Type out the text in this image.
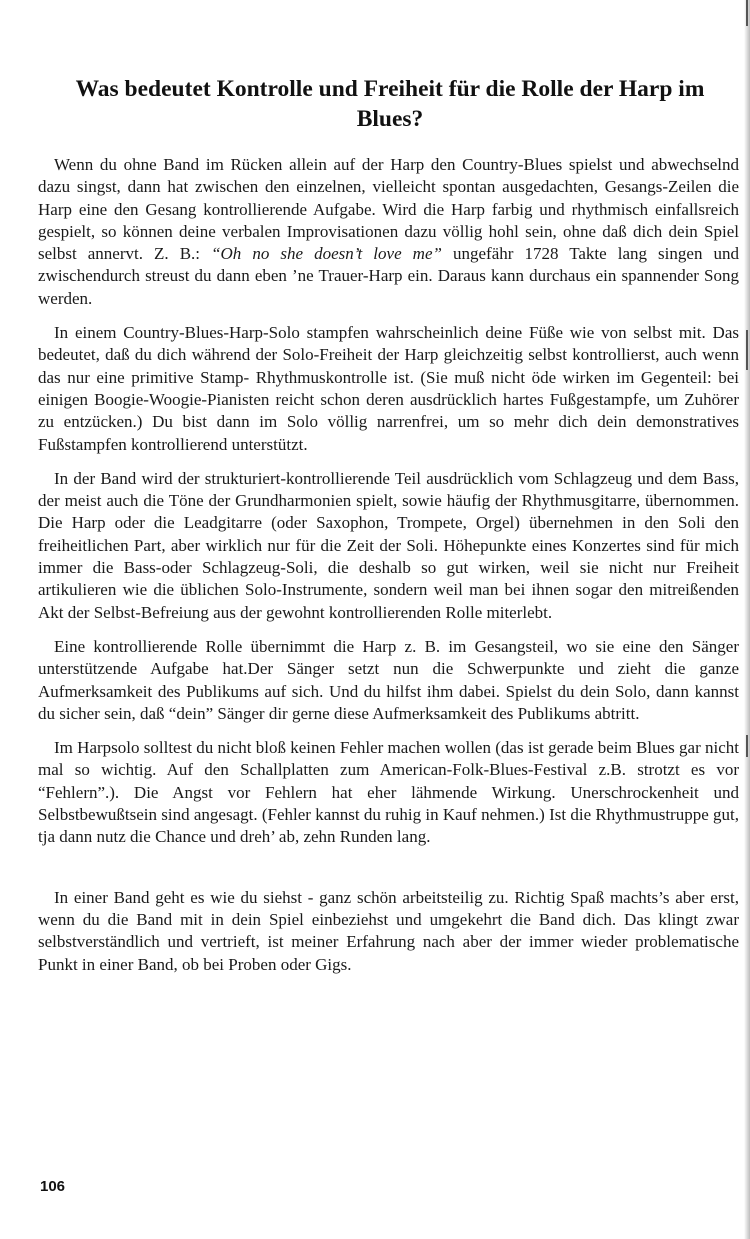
Was bedeutet Kontrolle und Freiheit für die Rolle der Harp im Blues?

Wenn du ohne Band im Rücken allein auf der Harp den Country-Blues spielst und abwechselnd dazu singst, dann hat zwischen den einzelnen, vielleicht spontan ausgedachten, Gesangs-Zeilen die Harp eine den Gesang kontrollierende Aufgabe. Wird die Harp farbig und rhythmisch einfallsreich gespielt, so können deine verbalen Improvisationen dazu völlig hohl sein, ohne daß dich dein Spiel selbst annervt. Z. B.: “Oh no she doesn’t love me” ungefähr 1728 Takte lang singen und zwischendurch streust du dann eben ’ne Trauer-Harp ein. Daraus kann durchaus ein spannender Song werden.

In einem Country-Blues-Harp-Solo stampfen wahrscheinlich deine Füße wie von selbst mit. Das bedeutet, daß du dich während der Solo-Freiheit der Harp gleichzeitig selbst kontrollierst, auch wenn das nur eine primitive Stamp- Rhythmuskontrolle ist. (Sie muß nicht öde wirken im Gegenteil: bei einigen Boogie-Woogie-Pianisten reicht schon deren ausdrücklich hartes Fußgestampfe, um Zuhörer zu entzücken.) Du bist dann im Solo völlig narrenfrei, um so mehr dich dein demonstratives Fußstampfen kontrollierend unterstützt.

In der Band wird der strukturiert-kontrollierende Teil ausdrücklich vom Schlagzeug und dem Bass, der meist auch die Töne der Grundharmonien spielt, sowie häufig der Rhythmusgitarre, übernommen. Die Harp oder die Leadgitarre (oder Saxophon, Trompete, Orgel) übernehmen in den Soli den freiheitlichen Part, aber wirklich nur für die Zeit der Soli. Höhepunkte eines Konzertes sind für mich immer die Bass-oder Schlagzeug-Soli, die deshalb so gut wirken, weil sie nicht nur Freiheit artikulieren wie die üblichen Solo-Instrumente, sondern weil man bei ihnen sogar den mitreißenden Akt der Selbst-Befreiung aus der gewohnt kontrollierenden Rolle miterlebt.

Eine kontrollierende Rolle übernimmt die Harp z. B. im Gesangsteil, wo sie eine den Sänger unterstützende Aufgabe hat.Der Sänger setzt nun die Schwerpunkte und zieht die ganze Aufmerksamkeit des Publikums auf sich. Und du hilfst ihm dabei. Spielst du dein Solo, dann kannst du sicher sein, daß “dein” Sänger dir gerne diese Aufmerksamkeit des Publikums abtritt.

Im Harpsolo solltest du nicht bloß keinen Fehler machen wollen (das ist gerade beim Blues gar nicht mal so wichtig. Auf den Schallplatten zum American-Folk-Blues-Festival z.B. strotzt es vor “Fehlern”.). Die Angst vor Fehlern hat eher lähmende Wirkung. Unerschrockenheit und Selbstbewußtsein sind angesagt. (Fehler kannst du ruhig in Kauf nehmen.) Ist die Rhythmustruppe gut, tja dann nutz die Chance und dreh’ ab, zehn Runden lang.

In einer Band geht es wie du siehst - ganz schön arbeitsteilig zu. Richtig Spaß machts’s aber erst, wenn du die Band mit in dein Spiel einbeziehst und umgekehrt die Band dich. Das klingt zwar selbstverständlich und vertrieft, ist meiner Erfahrung nach aber der immer wieder problematische Punkt in einer Band, ob bei Proben oder Gigs.

106
